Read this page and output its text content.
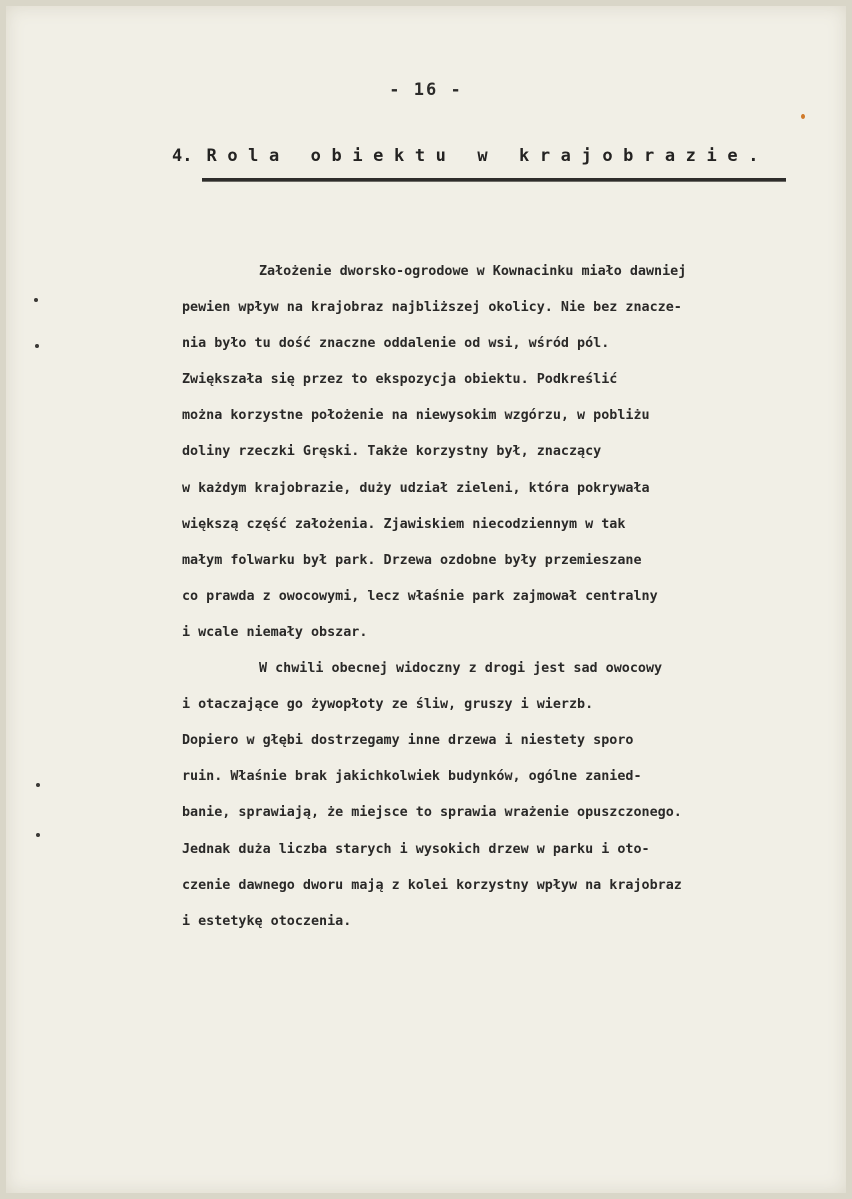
- 16 -
4. Rola obiektu w krajobrazie.
Założenie dworsko-ogrodowe w Kownacinku miało dawniej
pewien wpływ na krajobraz najbliższej okolicy. Nie bez znacze-
nia było tu dość znaczne oddalenie od wsi, wśród pól.
Zwiększała się przez to ekspozycja obiektu. Podkreślić
można korzystne położenie na niewysokim wzgórzu, w pobliżu
doliny rzeczki Gręski. Także korzystny był, znaczący
w każdym krajobrazie, duży udział zieleni, która pokrywała
większą część założenia. Zjawiskiem niecodziennym w tak
małym folwarku był park. Drzewa ozdobne były przemieszane
co prawda z owocowymi, lecz właśnie park zajmował centralny
i wcale niemały obszar.
W chwili obecnej widoczny z drogi jest sad owocowy
i otaczające go żywopłoty ze śliw, gruszy i wierzb.
Dopiero w głębi dostrzegamy inne drzewa i niestety sporo
ruin. Właśnie brak jakichkolwiek budynków, ogólne zanied-
banie, sprawiają, że miejsce to sprawia wrażenie opuszczonego.
Jednak duża liczba starych i wysokich drzew w parku i oto-
czenie dawnego dworu mają z kolei korzystny wpływ na krajobraz
i estetykę otoczenia.
